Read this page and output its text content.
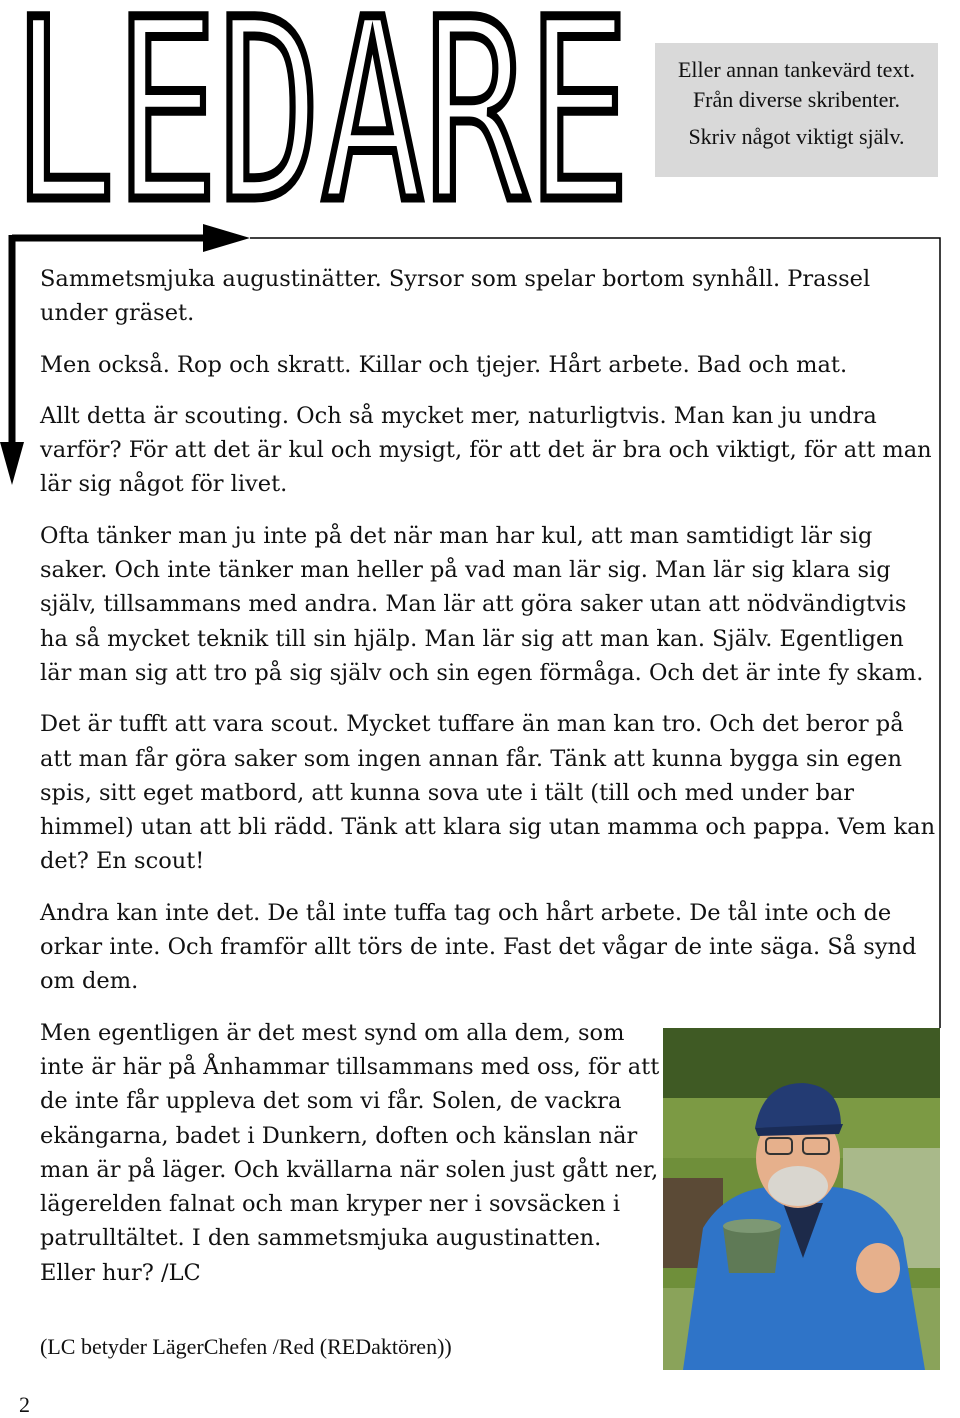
LEDARE	Eller annan tankevärd text.
Från diverse skribenter.
Skriv något viktigt själv.

Sammetsmjuka augustinätter. Syrsor som spelar bortom synhåll. Prassel under gräset.

Men också. Rop och skratt. Killar och tjejer. Hårt arbete. Bad och mat.

Allt detta är scouting. Och så mycket mer, naturligtvis. Man kan ju undra varför? För att det är kul och mysigt, för att det är bra och viktigt, för att man lär sig något för livet.

Ofta tänker man ju inte på det när man har kul, att man samtidigt lär sig saker. Och inte tänker man heller på vad man lär sig. Man lär sig klara sig själv, tillsammans med andra. Man lär att göra saker utan att nödvändigtvis ha så mycket teknik till sin hjälp. Man lär sig att man kan. Själv. Egentligen lär man sig att tro på sig själv och sin egen förmåga. Och det är inte fy skam.

Det är tufft att vara scout. Mycket tuffare än man kan tro. Och det beror på att man får göra saker som ingen annan får. Tänk att kunna bygga sin egen spis, sitt eget matbord, att kunna sova ute i tält (till och med under bar himmel) utan att bli rädd. Tänk att klara sig utan mamma och pappa. Vem kan det? En scout!

Andra kan inte det. De tål inte tuffa tag och hårt arbete. De tål inte och de orkar inte. Och framför allt törs de inte. Fast det vågar de inte säga. Så synd om dem.

Men egentligen är det mest synd om alla dem, som inte är här på Ånhammar tillsammans med oss, för att de inte får uppleva det som vi får. Solen, de vackra ekängarna, badet i Dunkern, doften och känslan när man är på läger. Och kvällarna när solen just gått ner, lägerelden falnat och man kryper ner i sovsäcken i patrulltältet. I den sammetsmjuka augustinatten. Eller hur? /LC

(LC betyder LägerChefen /Red (REDaktören))
2
